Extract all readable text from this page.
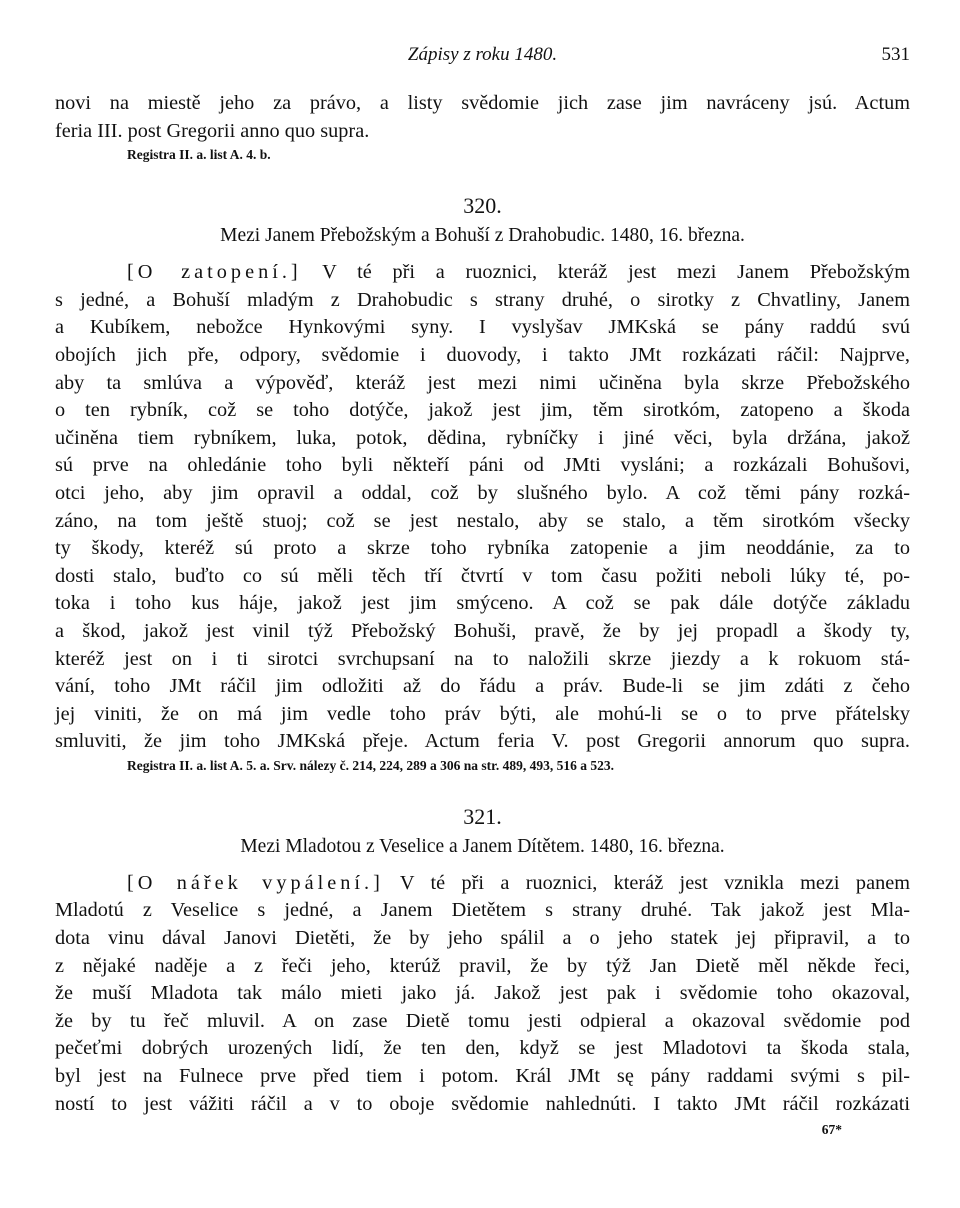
Zápisy z roku 1480.	531
novi na miestě jeho za právo, a listy svědomie jich zase jim navráceny jsú. Actum
feria III. post Gregorii anno quo supra.
Registra II. a. list A. 4. b.
320.
Mezi Janem Přebožským a Bohuší z Drahobudic. 1480, 16. března.
[O zatopení.] V té při a ruoznici, kteráž jest mezi Janem Přebožským
s jedné, a Bohuší mladým z Drahobudic s strany druhé, o sirotky z Chvatliny, Janem
a Kubíkem, nebožce Hynkovými syny. I vyslyšav JMKská se pány raddú svú
obojích jich pře, odpory, svědomie i duovody, i takto JMt rozkázati ráčil: Najprve,
aby ta smlúva a výpověď, kteráž jest mezi nimi učiněna byla skrze Přebožského
o ten rybník, což se toho dotýče, jakož jest jim, těm sirotkóm, zatopeno a škoda
učiněna tiem rybníkem, luka, potok, dědina, rybníčky i jiné věci, byla držána, jakož
sú prve na ohledánie toho byli někteří páni od JMti vysláni; a rozkázali Bohušovi,
otci jeho, aby jim opravil a oddal, což by slušného bylo. A což těmi pány rozká-
záno, na tom ještě stuoj; což se jest nestalo, aby se stalo, a těm sirotkóm všecky
ty škody, kteréž sú proto a skrze toho rybníka zatopenie a jim neoddánie, za to
dosti stalo, buďto co sú měli těch tří čtvrtí v tom času požiti neboli lúky té, po-
toka i toho kus háje, jakož jest jim smýceno. A což se pak dále dotýče základu
a škod, jakož jest vinil týž Přebožský Bohuši, pravě, že by jej propadl a škody ty,
kteréž jest on i ti sirotci svrchupsaní na to naložili skrze jiezdy a k rokuom stá-
vání, toho JMt ráčil jim odložiti až do řádu a práv. Bude-li se jim zdáti z čeho
jej viniti, že on má jim vedle toho práv býti, ale mohú-li se o to prve přátelsky
smluviti, že jim toho JMKská přeje. Actum feria V. post Gregorii annorum quo supra.
Registra II. a. list A. 5. a. Srv. nálezy č. 214, 224, 289 a 306 na str. 489, 493, 516 a 523.
321.
Mezi Mladotou z Veselice a Janem Dítětem. 1480, 16. března.
[O nářek vypálení.] V té při a ruoznici, kteráž jest vznikla mezi panem
Mladotú z Veselice s jedné, a Janem Dietětem s strany druhé. Tak jakož jest Mla-
dota vinu dával Janovi Dietěti, že by jeho spálil a o jeho statek jej připravil, a to
z nějaké naděje a z řeči jeho, kterúž pravil, že by týž Jan Dietě měl někde řeci,
že muší Mladota tak málo mieti jako já. Jakož jest pak i svědomie toho okazoval,
že by tu řeč mluvil. A on zase Dietě tomu jesti odpieral a okazoval svědomie pod
pečeťmi dobrých urozených lidí, že ten den, když se jest Mladotovi ta škoda stala,
byl jest na Fulnece prve před tiem i potom. Král JMt sę pány raddami svými s pil-
ností to jest vážiti ráčil a v to oboje svědomie nahlednúti. I takto JMt ráčil rozkázati
67*
